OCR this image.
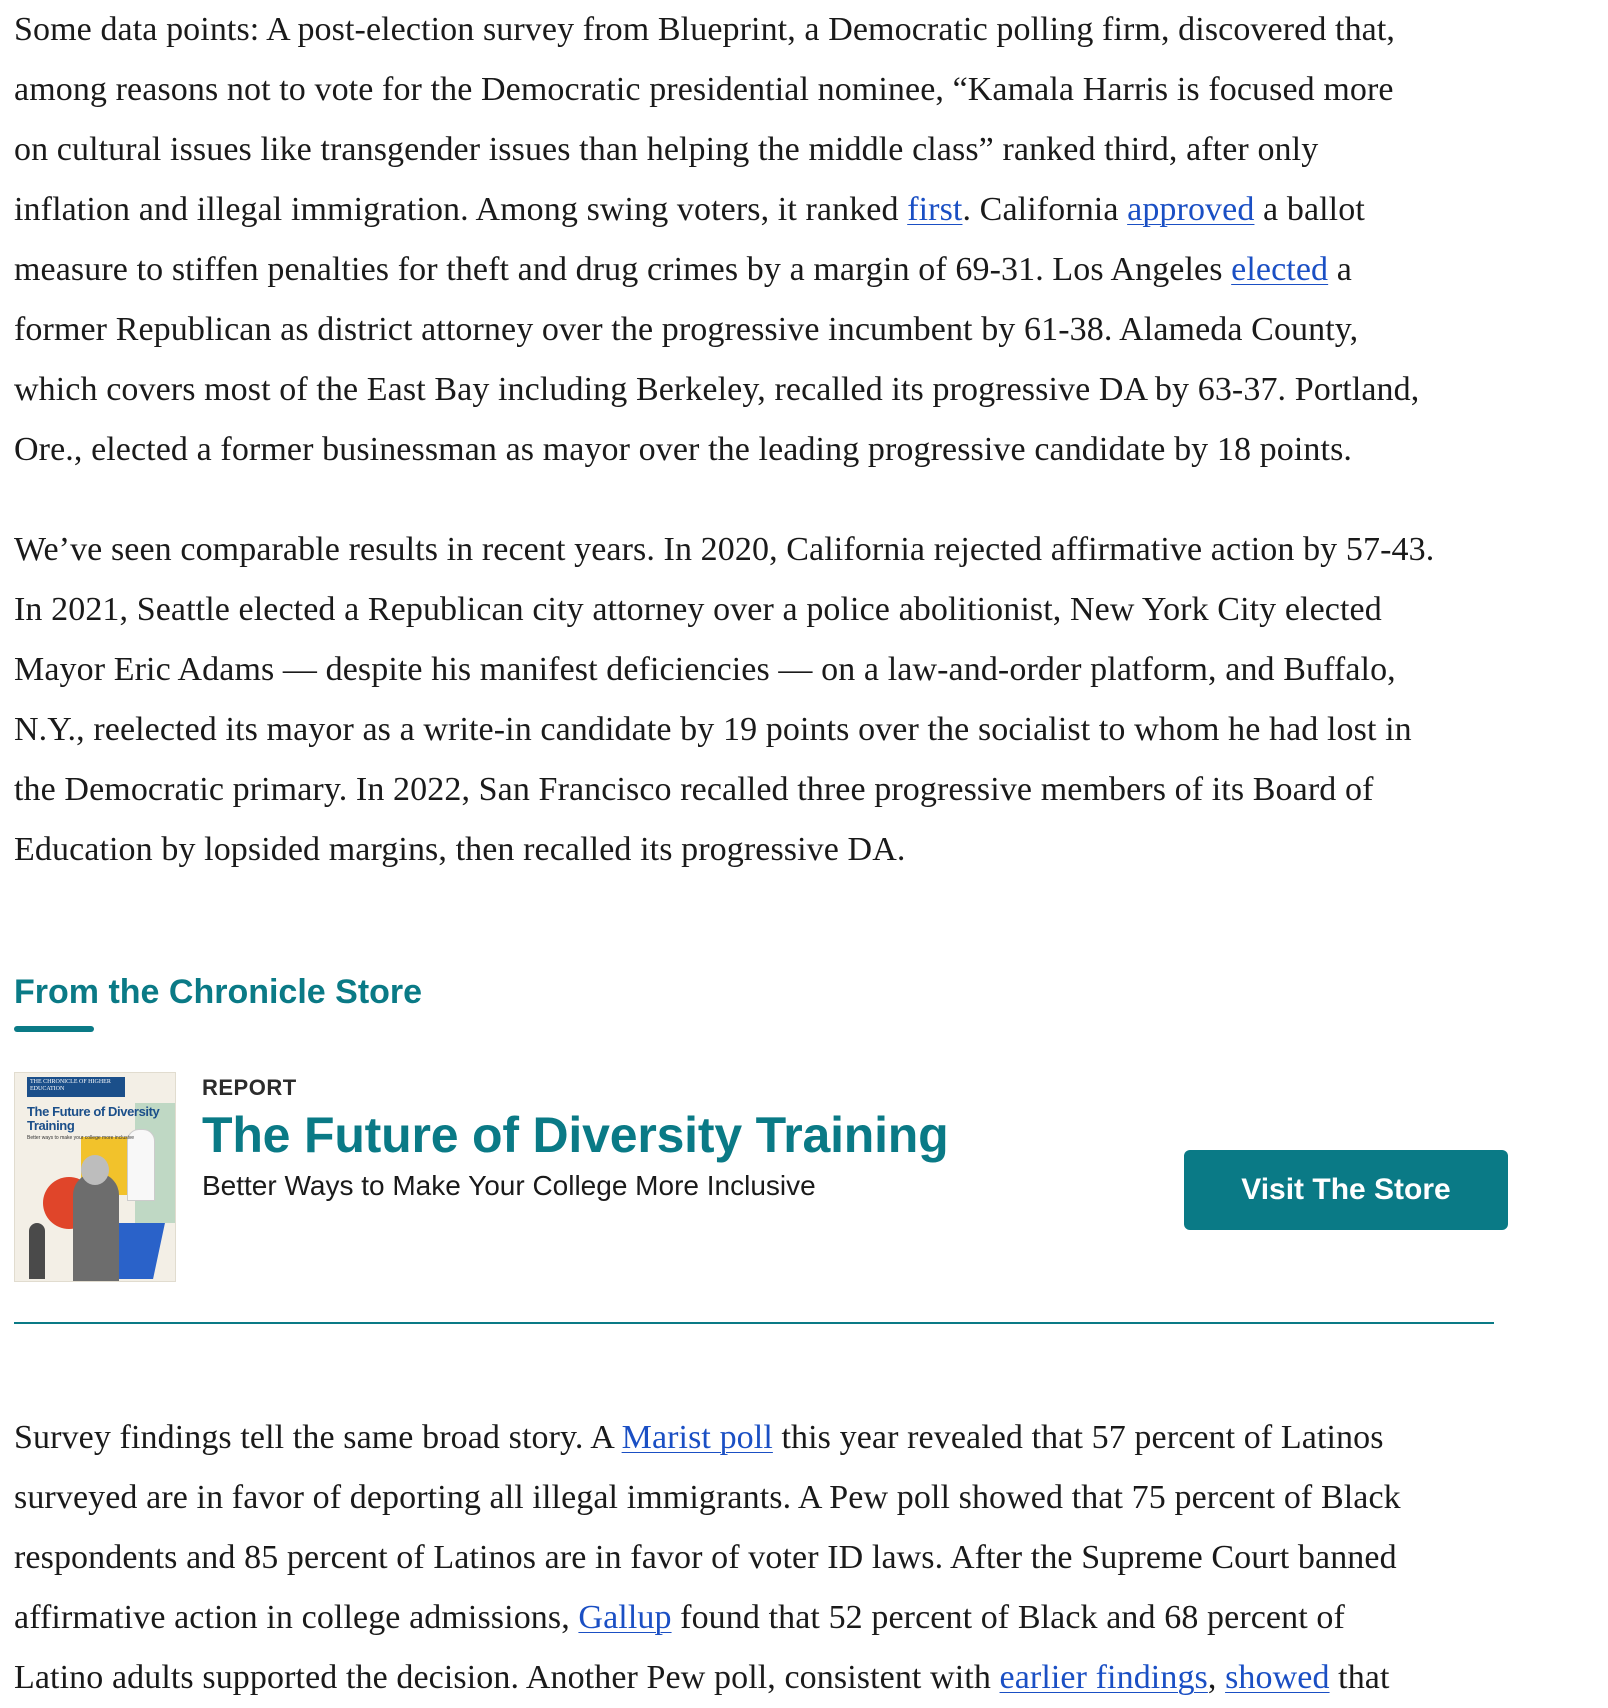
Some data points: A post-election survey from Blueprint, a Democratic polling firm, discovered that,
among reasons not to vote for the Democratic presidential nominee, “Kamala Harris is focused more
on cultural issues like transgender issues than helping the middle class” ranked third, after only
inflation and illegal immigration. Among swing voters, it ranked first. California approved a ballot
measure to stiffen penalties for theft and drug crimes by a margin of 69-31. Los Angeles elected a
former Republican as district attorney over the progressive incumbent by 61-38. Alameda County,
which covers most of the East Bay including Berkeley, recalled its progressive DA by 63-37. Portland,
Ore., elected a former businessman as mayor over the leading progressive candidate by 18 points.

We’ve seen comparable results in recent years. In 2020, California rejected affirmative action by 57-43.
In 2021, Seattle elected a Republican city attorney over a police abolitionist, New York City elected
Mayor Eric Adams — despite his manifest deficiencies — on a law-and-order platform, and Buffalo,
N.Y., reelected its mayor as a write-in candidate by 19 points over the socialist to whom he had lost in
the Democratic primary. In 2022, San Francisco recalled three progressive members of its Board of
Education by lopsided margins, then recalled its progressive DA.

From the Chronicle Store
THE CHRONICLE OF HIGHER EDUCATION
The Future of Diversity Training
Better ways to make your college more inclusive
REPORT
The Future of Diversity Training
Better Ways to Make Your College More Inclusive	Visit The Store

Survey findings tell the same broad story. A Marist poll this year revealed that 57 percent of Latinos
surveyed are in favor of deporting all illegal immigrants. A Pew poll showed that 75 percent of Black
respondents and 85 percent of Latinos are in favor of voter ID laws. After the Supreme Court banned
affirmative action in college admissions, Gallup found that 52 percent of Black and 68 percent of
Latino adults supported the decision. Another Pew poll, consistent with earlier findings, showed that
